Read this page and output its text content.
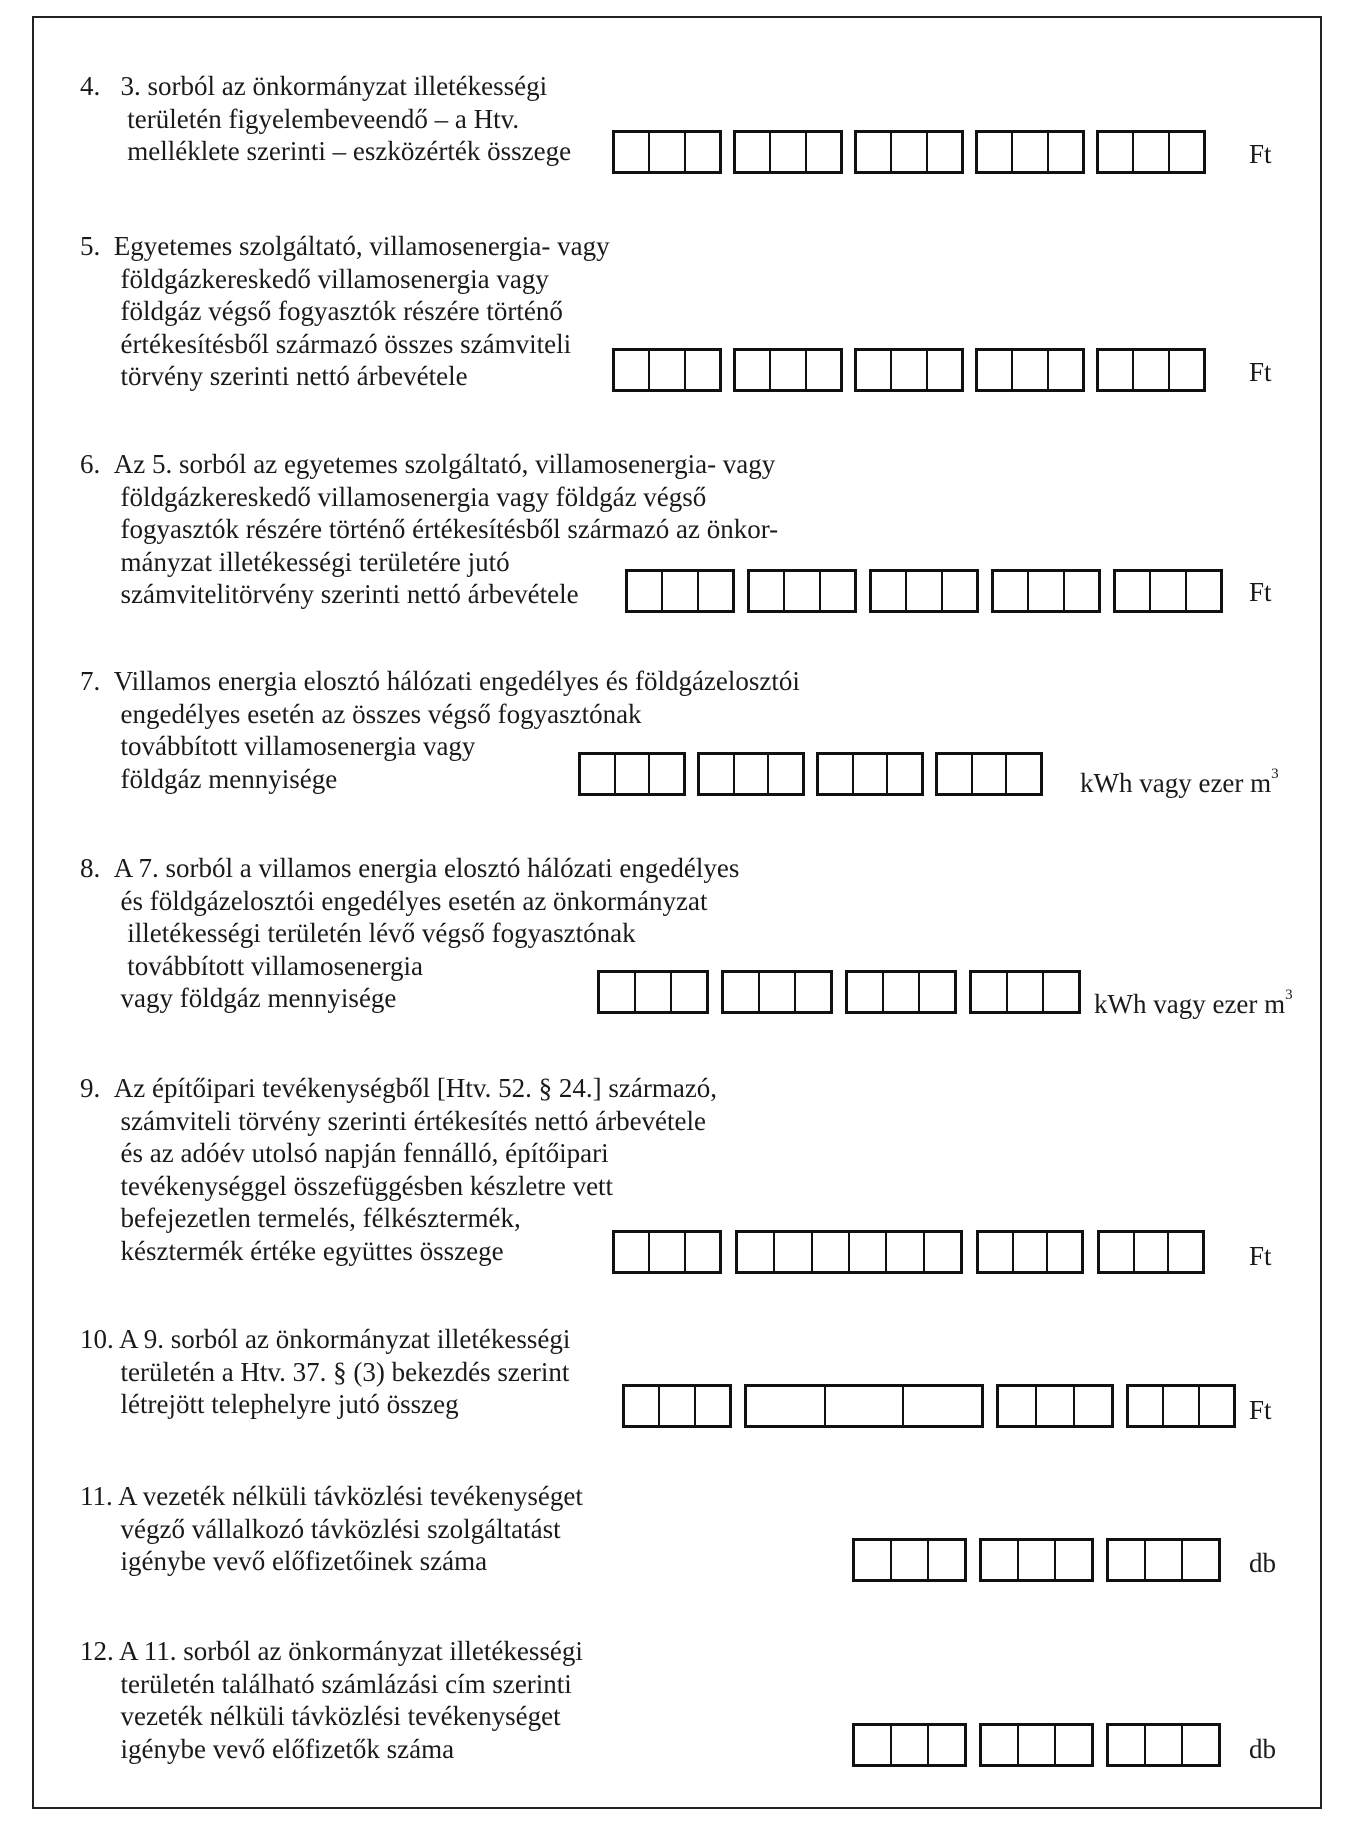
4.   3. sorból az önkormányzat illetékességi
területén figyelembeveendő – a Htv.
melléklete szerinti – eszközérték összege	Ft
5.  Egyetemes szolgáltató, villamosenergia- vagy
földgázkereskedő villamosenergia vagy
földgáz végső fogyasztók részére történő
értékesítésből származó összes számviteli
törvény szerinti nettó árbevétele	Ft
6.  Az 5. sorból az egyetemes szolgáltató, villamosenergia- vagy
földgázkereskedő villamosenergia vagy földgáz végső
fogyasztók részére történő értékesítésből származó az önkor-
mányzat illetékességi területére jutó
számvitelitörvény szerinti nettó árbevétele	Ft
7.  Villamos energia elosztó hálózati engedélyes és földgázelosztói
engedélyes esetén az összes végső fogyasztónak
továbbított villamosenergia vagy
földgáz mennyisége	kWh vagy ezer $m^3$
8.  A 7. sorból a villamos energia elosztó hálózati engedélyes
és földgázelosztói engedélyes esetén az önkormányzat
illetékességi területén lévő végső fogyasztónak
továbbított villamosenergia
vagy földgáz mennyisége	kWh vagy ezer $m^3$
9.  Az építőipari tevékenységből [Htv. 52. § 24.] származó,
számviteli törvény szerinti értékesítés nettó árbevétele
és az adóév utolsó napján fennálló, építőipari
tevékenységgel összefüggésben készletre vett
befejezetlen termelés, félkésztermék,
késztermék értéke együttes összege	Ft
10. A 9. sorból az önkormányzat illetékességi
területén a Htv. 37. § (3) bekezdés szerint
létrejött telephelyre jutó összeg	Ft
11. A vezeték nélküli távközlési tevékenységet
végző vállalkozó távközlési szolgáltatást
igénybe vevő előfizetőinek száma	db
12. A 11. sorból az önkormányzat illetékességi
területén található számlázási cím szerinti
vezeték nélküli távközlési tevékenységet
igénybe vevő előfizetők száma	db
